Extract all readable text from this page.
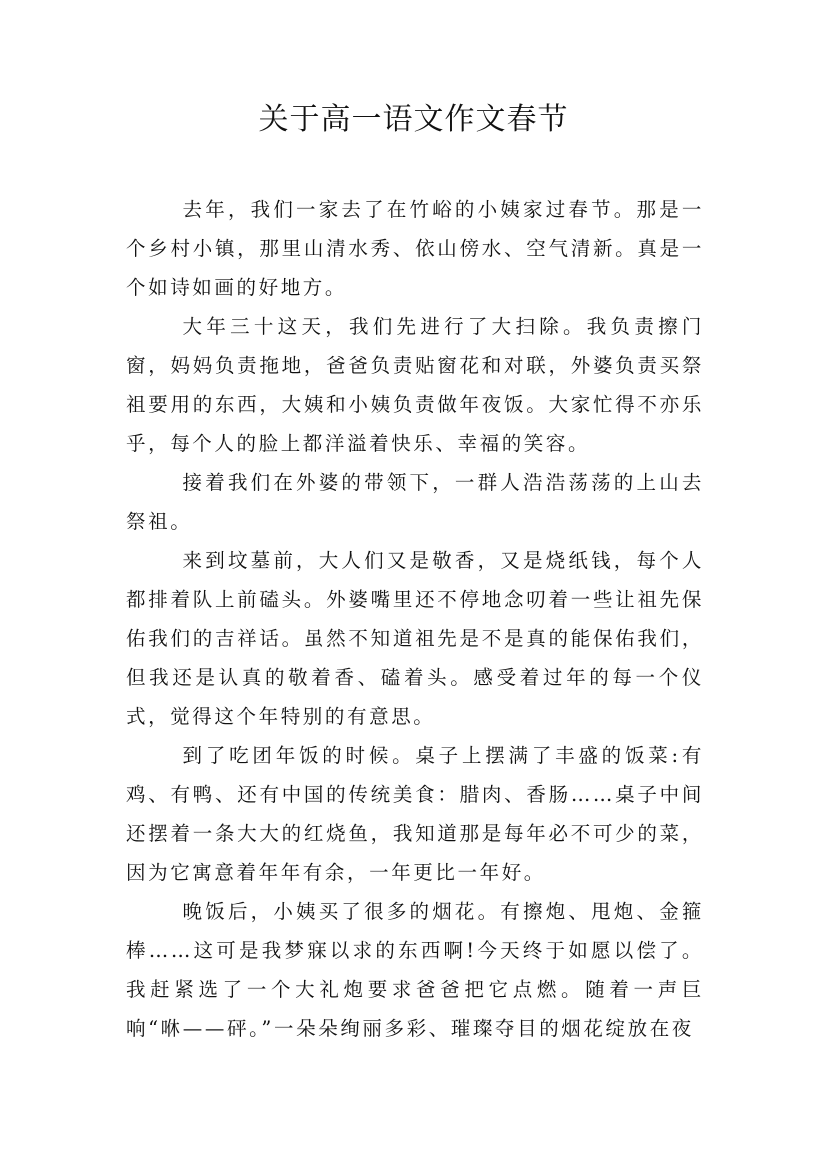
关于高一语文作文春节

去年，我们一家去了在竹峪的小姨家过春节。那是一个乡村小镇，那里山清水秀、依山傍水、空气清新。真是一个如诗如画的好地方。

大年三十这天，我们先进行了大扫除。我负责擦门窗，妈妈负责拖地，爸爸负责贴窗花和对联，外婆负责买祭祖要用的东西，大姨和小姨负责做年夜饭。大家忙得不亦乐乎，每个人的脸上都洋溢着快乐、幸福的笑容。

接着我们在外婆的带领下，一群人浩浩荡荡的上山去祭祖。

来到坟墓前，大人们又是敬香，又是烧纸钱，每个人都排着队上前磕头。外婆嘴里还不停地念叨着一些让祖先保佑我们的吉祥话。虽然不知道祖先是不是真的能保佑我们，但我还是认真的敬着香、磕着头。感受着过年的每一个仪式，觉得这个年特别的有意思。

到了吃团年饭的时候。桌子上摆满了丰盛的饭菜:有鸡、有鸭、还有中国的传统美食：腊肉、香肠……桌子中间还摆着一条大大的红烧鱼，我知道那是每年必不可少的菜，因为它寓意着年年有余，一年更比一年好。

晚饭后，小姨买了很多的烟花。有擦炮、甩炮、金箍棒……这可是我梦寐以求的东西啊!今天终于如愿以偿了。我赶紧选了一个大礼炮要求爸爸把它点燃。随着一声巨响“咻——砰。”一朵朵绚丽多彩、璀璨夺目的烟花绽放在夜
